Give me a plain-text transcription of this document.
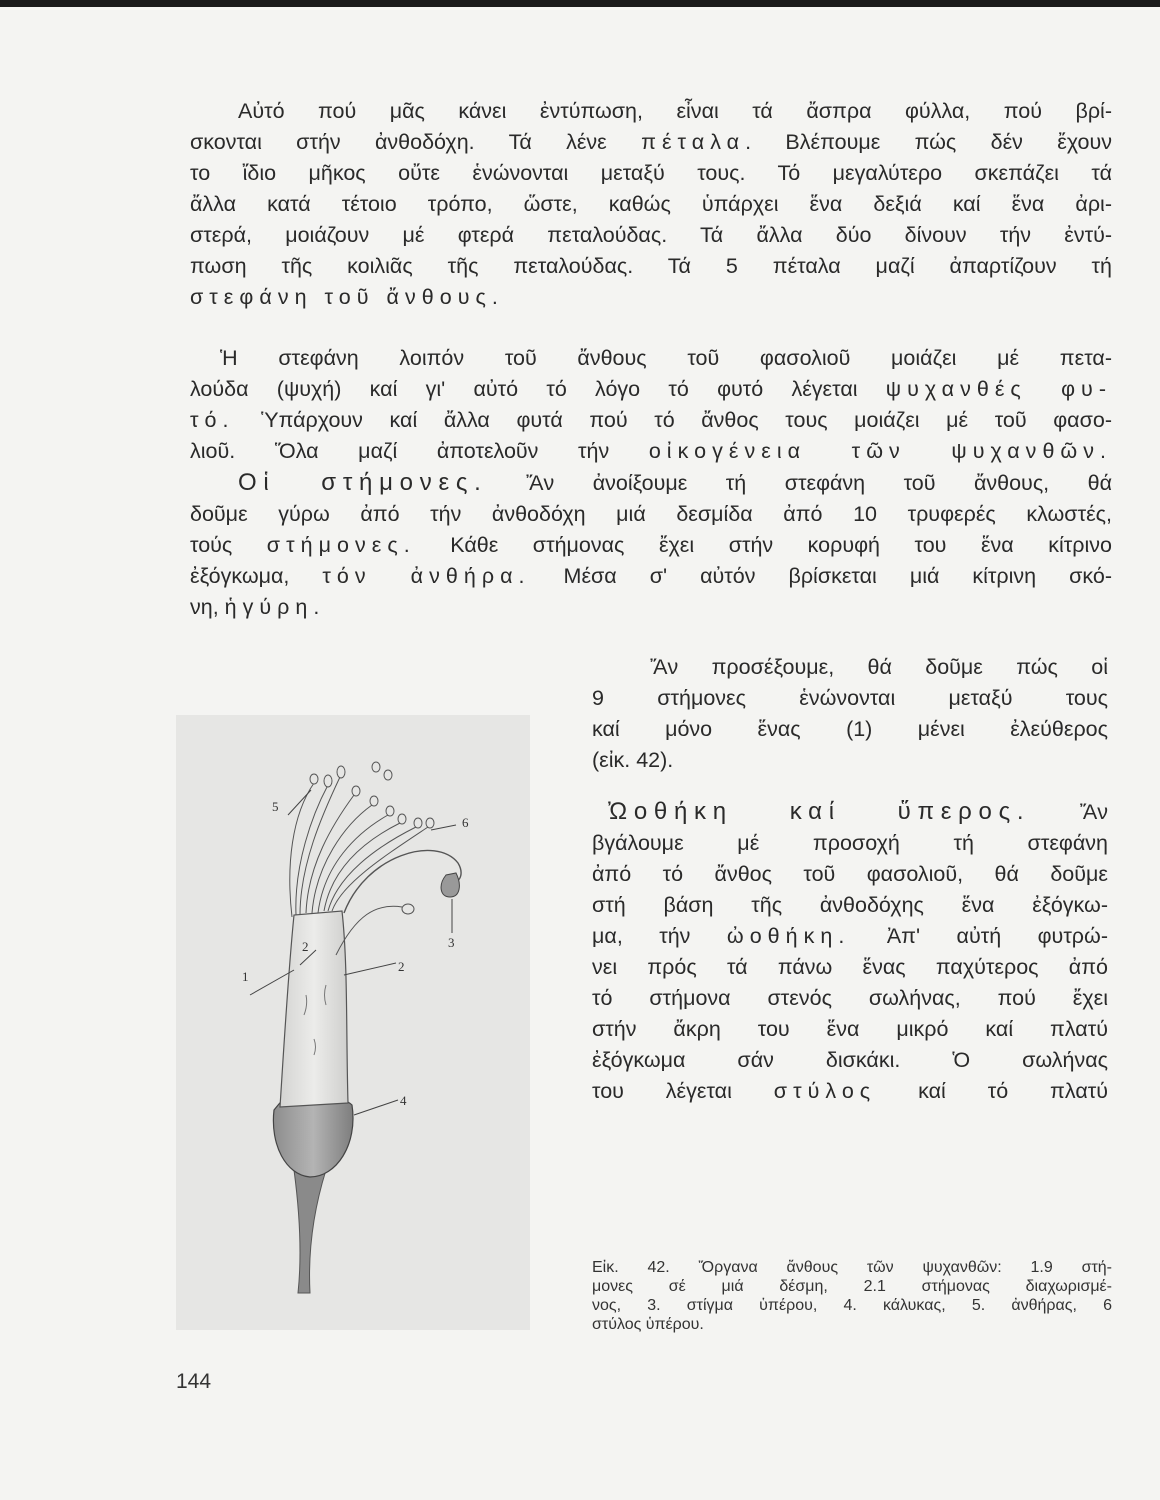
Αὐτό πού μᾶς κάνει ἐντύπωση, εἶναι τά ἄσπρα φύλλα, πού βρί-
σκονται στήν ἀνθοδόχη. Τά λένε πέταλα. Βλέπουμε πώς δέν ἔχουν
το ἴδιο μῆκος οὔτε ἑνώνονται μεταξύ τους. Τό μεγαλύτερο σκεπάζει τά
ἄλλα κατά τέτοιο τρόπο, ὥστε, καθώς ὑπάρχει ἕνα δεξιά καί ἕνα ἀρι-
στερά, μοιάζουν μέ φτερά πεταλούδας. Τά ἄλλα δύο δίνουν τήν ἐντύ-
πωση τῆς κοιλιᾶς τῆς πεταλούδας. Τά 5 πέταλα μαζί ἀπαρτίζουν τή
στεφάνη τοῦ ἄνθους.
Ἡ στεφάνη λοιπόν τοῦ ἄνθους τοῦ φασολιοῦ μοιάζει μέ πετα-
λούδα (ψυχή) καί γι' αὐτό τό λόγο τό φυτό λέγεται ψυχανθές φυ-
τό. Ὑπάρχουν καί ἄλλα φυτά πού τό ἄνθος τους μοιάζει μέ τοῦ φασο-
λιοῦ. Ὅλα μαζί ἀποτελοῦν τήν οἰκογένεια τῶν ψυχανθῶν.
Οἱ στήμονες. Ἄν ἀνοίξουμε τή στεφάνη τοῦ ἄνθους, θά
δοῦμε γύρω ἀπό τήν ἀνθοδόχη μιά δεσμίδα ἀπό 10 τρυφερές κλωστές,
τούς στήμονες. Κάθε στήμονας ἔχει στήν κορυφή του ἕνα κίτρινο
ἐξόγκωμα, τόν ἀνθήρα. Μέσα σ' αὐτόν βρίσκεται μιά κίτρινη σκό-
νη, ἡ γύρη.
Ἄν προσέξουμε, θά δοῦμε πώς οἱ
9 στήμονες ἑνώνονται μεταξύ τους
καί μόνο ἕνας (1) μένει ἐλεύθερος
(εἰκ. 42).
Ὠοθήκη καί ὕπερος. Ἄν
βγάλουμε μέ προσοχή τή στεφάνη
ἀπό τό ἄνθος τοῦ φασολιοῦ, θά δοῦμε
στή βάση τῆς ἀνθοδόχης ἕνα ἐξόγκω-
μα, τήν ὠοθήκη. Ἀπ' αὐτή φυτρώ-
νει πρός τά πάνω ἕνας παχύτερος ἀπό
τό στήμονα στενός σωλήνας, πού ἔχει
στήν ἄκρη του ἕνα μικρό καί πλατύ
ἐξόγκωμα σάν δισκάκι. Ὁ σωλήνας
του λέγεται στύλος καί τό πλατύ
5
6
3
1
2
2
4
Εἰκ. 42. Ὄργανα ἄνθους τῶν ψυχανθῶν: 1.9 στή-
μονες σέ μιά δέσμη, 2.1 στήμονας διαχωρισμέ-
νος, 3. στίγμα ὑπέρου, 4. κάλυκας, 5. ἀνθήρας, 6
στύλος ὑπέρου.
144
